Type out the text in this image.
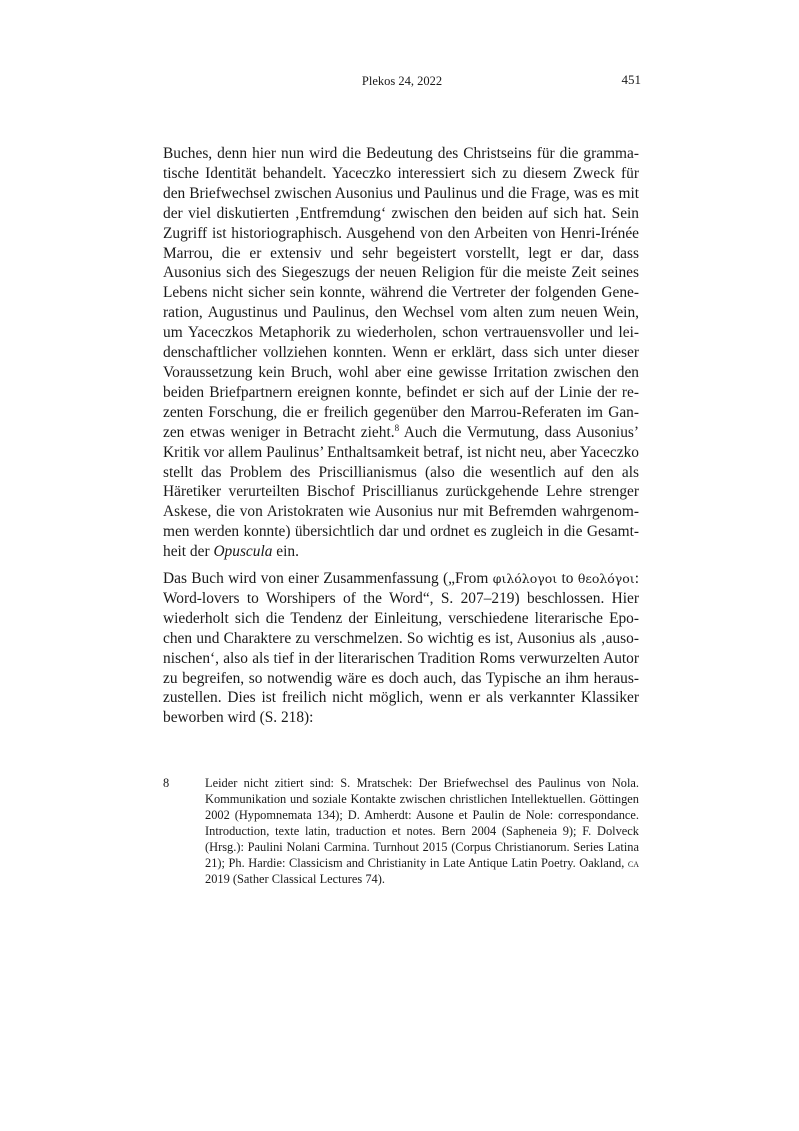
Plekos 24, 2022	451

Buches, denn hier nun wird die Bedeutung des Christseins für die grammatische Identität behandelt. Yaceczko interessiert sich zu diesem Zweck für den Briefwechsel zwischen Ausonius und Paulinus und die Frage, was es mit der viel diskutierten ‚Entfremdung‘ zwischen den beiden auf sich hat. Sein Zugriff ist historiographisch. Ausgehend von den Arbeiten von Henri-Irénée Marrou, die er extensiv und sehr begeistert vorstellt, legt er dar, dass Ausonius sich des Siegeszugs der neuen Religion für die meiste Zeit seines Lebens nicht sicher sein konnte, während die Vertreter der folgenden Generation, Augustinus und Paulinus, den Wechsel vom alten zum neuen Wein, um Yaceczkos Metaphorik zu wiederholen, schon vertrauensvoller und leidenschaftlicher vollziehen konnten. Wenn er erklärt, dass sich unter dieser Voraussetzung kein Bruch, wohl aber eine gewisse Irritation zwischen den beiden Briefpartnern ereignen konnte, befindet er sich auf der Linie der rezenten Forschung, die er freilich gegenüber den Marrou-Referaten im Ganzen etwas weniger in Betracht zieht.$^8$ Auch die Vermutung, dass Ausonius’ Kritik vor allem Paulinus’ Enthaltsamkeit betraf, ist nicht neu, aber Yaceczko stellt das Problem des Priscillianismus (also die wesentlich auf den als Häretiker verurteilten Bischof Priscillianus zurückgehende Lehre strenger Askese, die von Aristokraten wie Ausonius nur mit Befremden wahrgenommen werden konnte) übersichtlich dar und ordnet es zugleich in die Gesamtheit der Opuscula ein.

Das Buch wird von einer Zusammenfassung („From φιλόλογοι to θεολόγοι: Word-lovers to Worshipers of the Word“, S. 207–219) beschlossen. Hier wiederholt sich die Tendenz der Einleitung, verschiedene literarische Epochen und Charaktere zu verschmelzen. So wichtig es ist, Ausonius als ‚ausonischen‘, also als tief in der literarischen Tradition Roms verwurzelten Autor zu begreifen, so notwendig wäre es doch auch, das Typische an ihm herauszustellen. Dies ist freilich nicht möglich, wenn er als verkannter Klassiker beworben wird (S. 218):

8	Leider nicht zitiert sind: S. Mratschek: Der Briefwechsel des Paulinus von Nola. Kommunikation und soziale Kontakte zwischen christlichen Intellektuellen. Göttingen 2002 (Hypomnemata 134); D. Amherdt: Ausone et Paulin de Nole: correspondance. Introduction, texte latin, traduction et notes. Bern 2004 (Sapheneia 9); F. Dolveck (Hrsg.): Paulini Nolani Carmina. Turnhout 2015 (Corpus Christianorum. Series Latina 21); Ph. Hardie: Classicism and Christianity in Late Antique Latin Poetry. Oakland, ca 2019 (Sather Classical Lectures 74).
